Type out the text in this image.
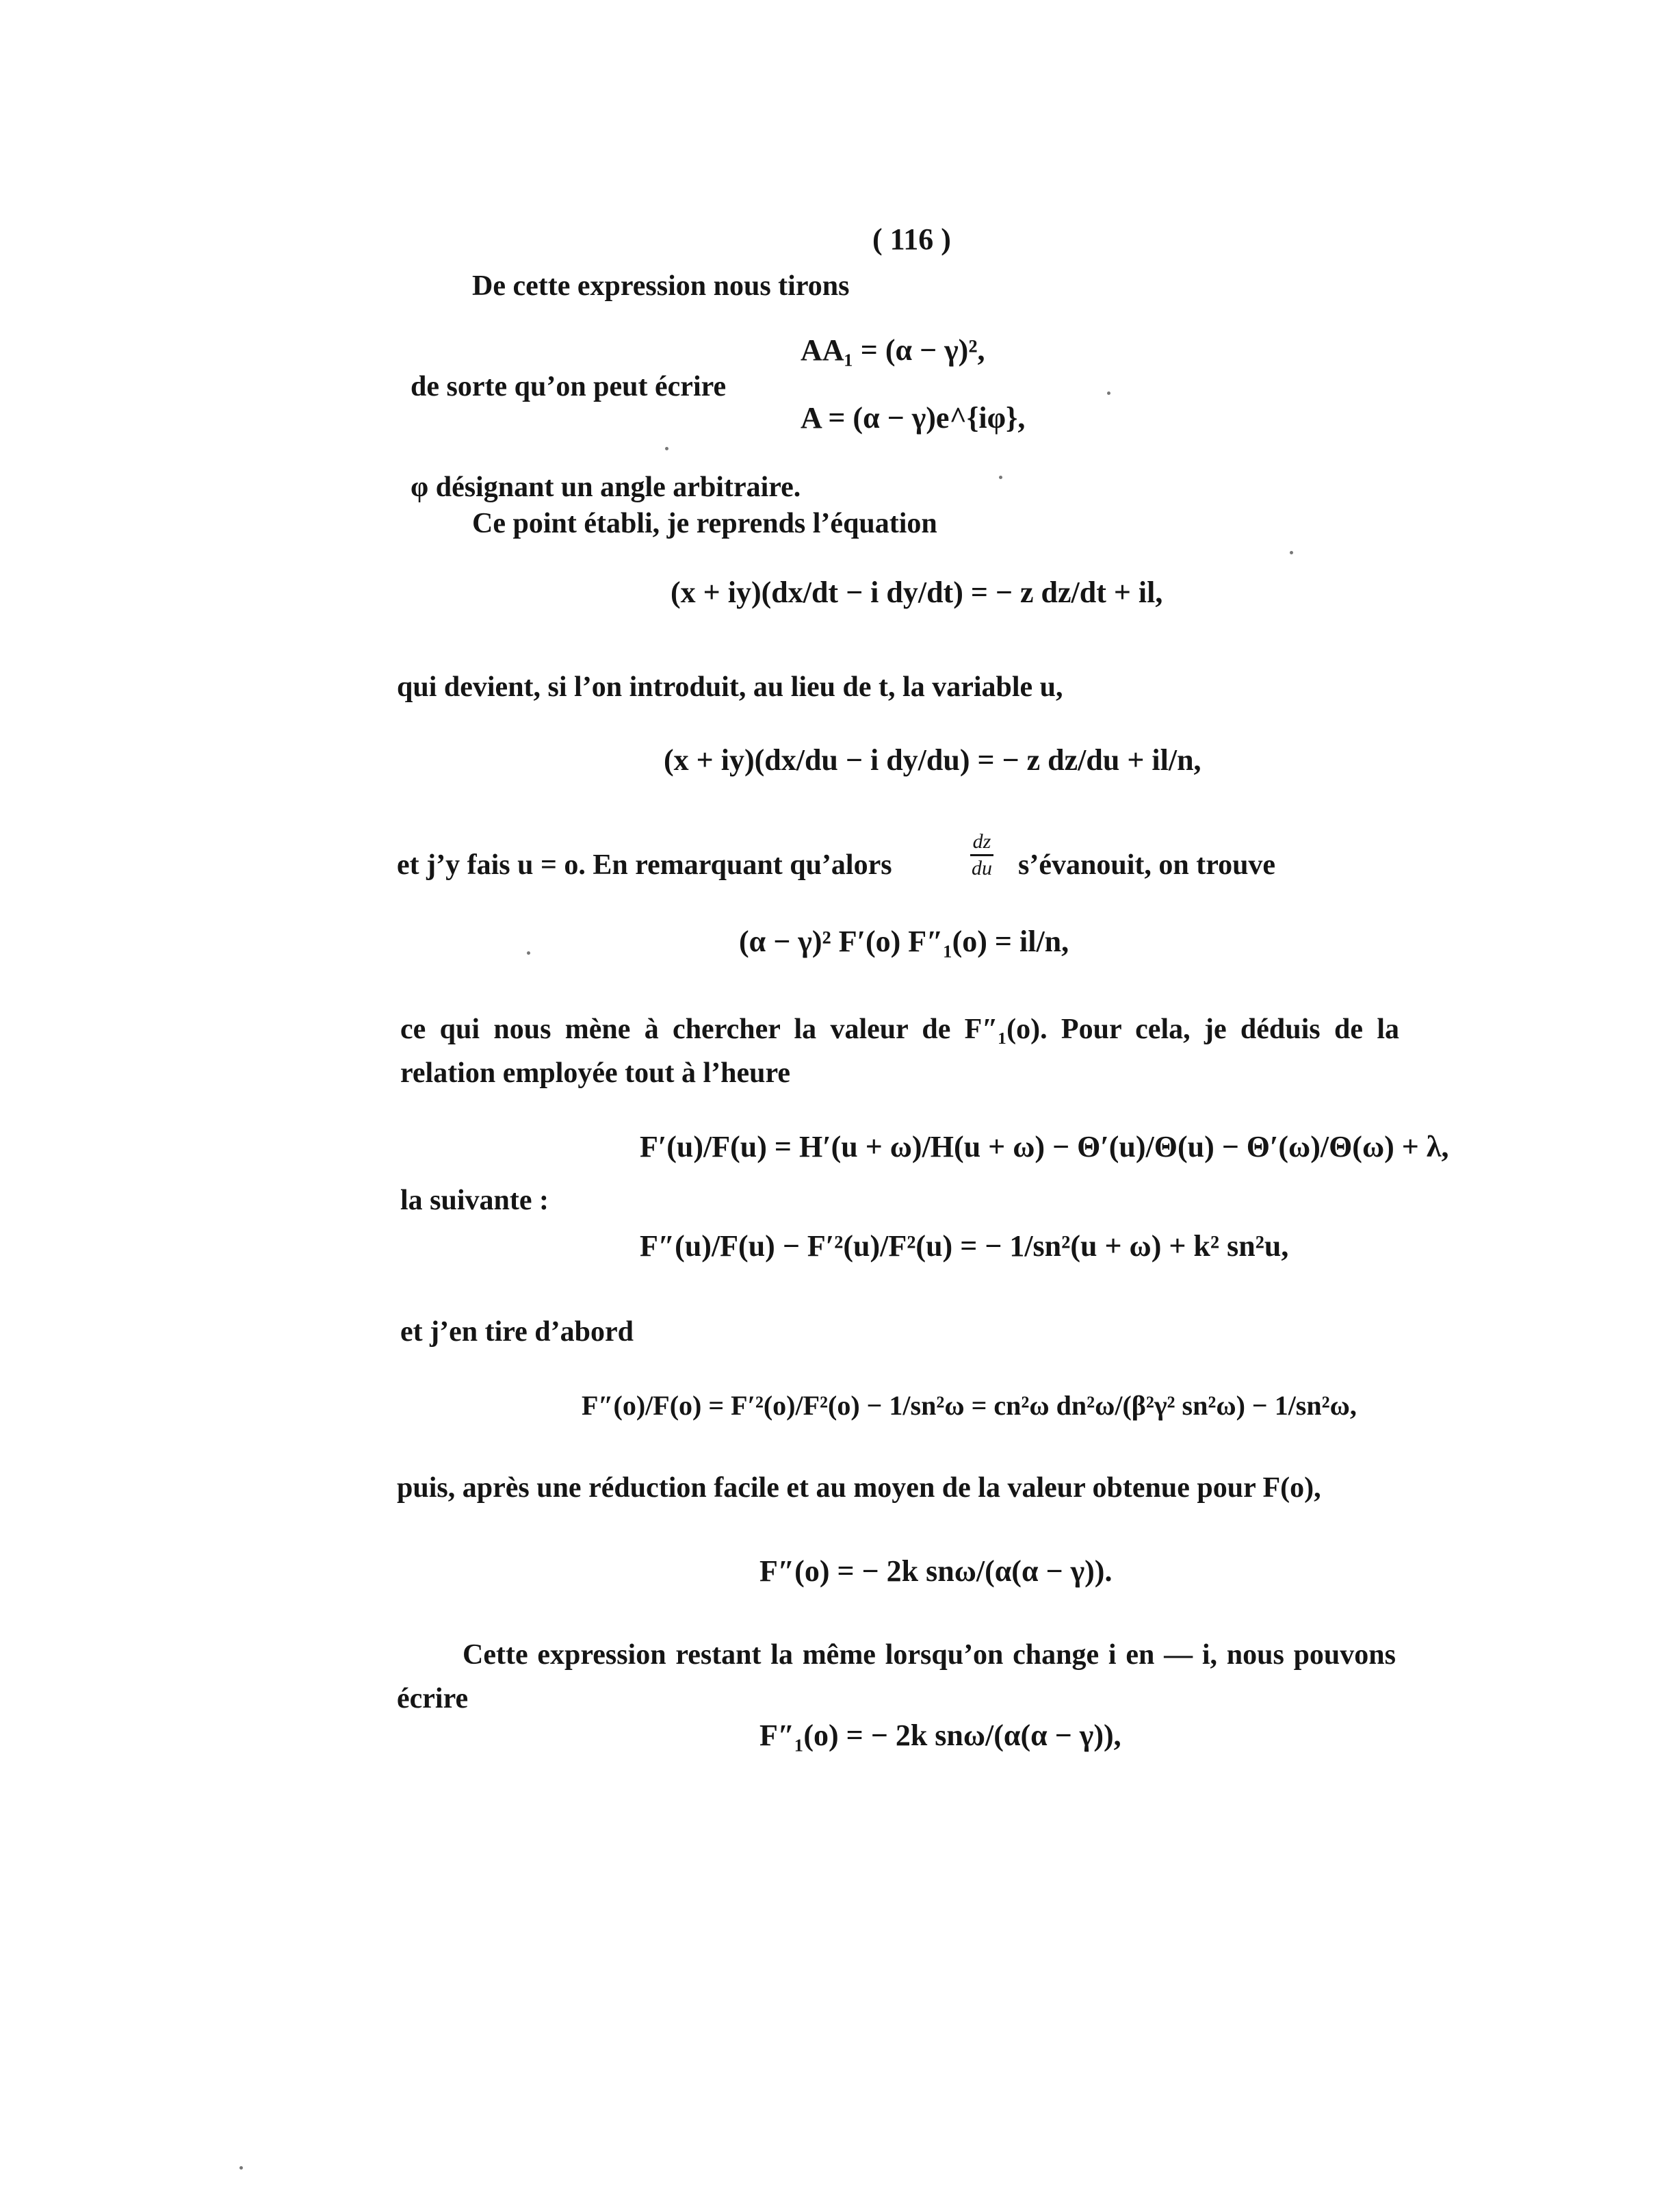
( 116 )
De cette expression nous tirons
AA₁ = (α − γ)²,
de sorte qu’on peut écrire
A = (α − γ)e^{iφ},
φ désignant un angle arbitraire.
Ce point établi, je reprends l’équation
(x + iy)(dx/dt − i dy/dt) = − z dz/dt + il,
qui devient, si l’on introduit, au lieu de t, la variable u,
(x + iy)(dx/du − i dy/du) = − z dz/du + il/n,
et j’y fais u = o. En remarquant qu’alors	$\frac{dz}{du}$ s’évanouit, on trouve
(α − γ)² F′(o) F″₁(o) = il/n,
ce qui nous mène à chercher la valeur de F″₁(o). Pour cela, je déduis de la relation employée tout à l’heure
F′(u)/F(u) = H′(u + ω)/H(u + ω) − Θ′(u)/Θ(u) − Θ′(ω)/Θ(ω) + λ,
la suivante :
F″(u)/F(u) − F′²(u)/F²(u) = − 1/sn²(u + ω) + k² sn²u,
et j’en tire d’abord
F″(o)/F(o) = F′²(o)/F²(o) − 1/sn²ω = cn²ω dn²ω/(β²γ² sn²ω) − 1/sn²ω,
puis, après une réduction facile et au moyen de la valeur obtenue pour F(o),
F″(o) = − 2k snω/(α(α − γ)).
Cette expression restant la même lorsqu’on change i en — i, nous pouvons écrire
F″₁(o) = − 2k snω/(α(α − γ)),
